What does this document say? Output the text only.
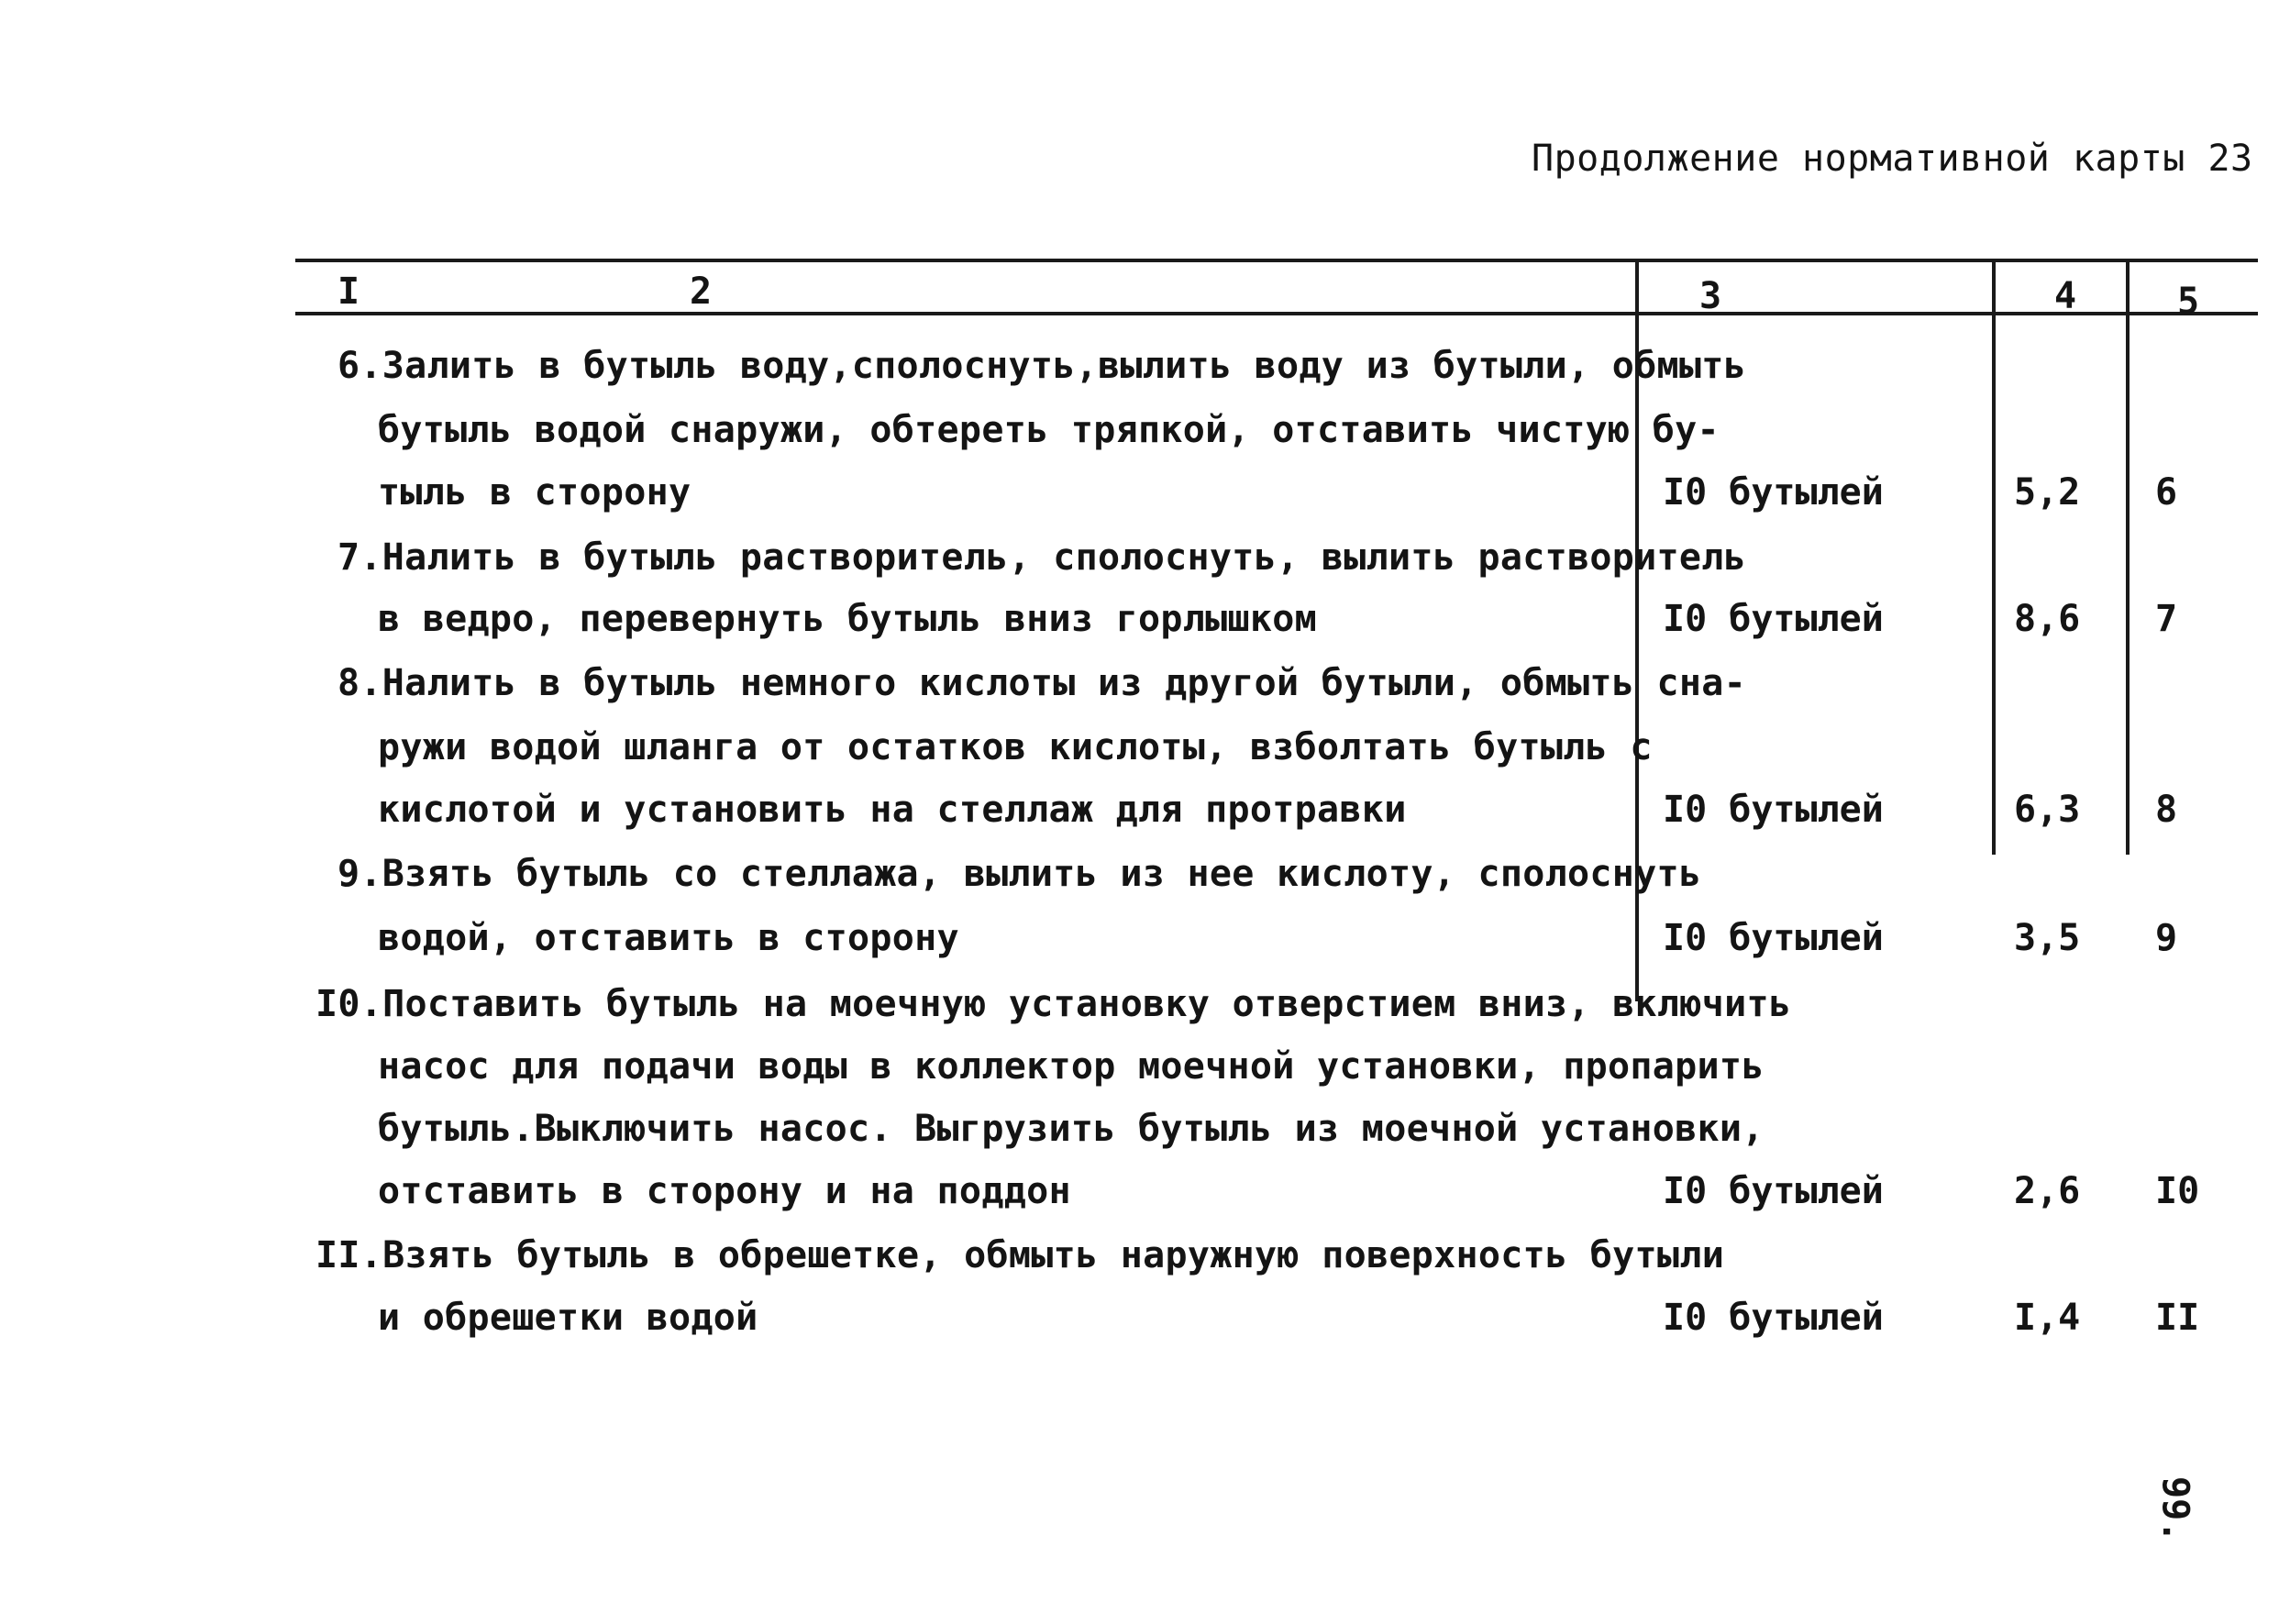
Продолжение нормативной карты 23
I	2	3	4	5
6.Залить в бутыль воду,сполоснуть,вылить воду из бутыли, обмыть
бутыль водой снаружи, обтереть тряпкой, отставить чистую бу-
тыль в сторону	I0 бутылей	5,2 6
7.Налить в бутыль растворитель, сполоснуть, вылить растворитель
в ведро, перевернуть бутыль вниз горлышком	I0 бутылей	8,6 7
8.Налить в бутыль немного кислоты из другой бутыли, обмыть сна-
ружи водой шланга от остатков кислоты, взболтать бутыль с
кислотой и установить на стеллаж для протравки	I0 бутылей	6,3 8
9.Взять бутыль со стеллажа, вылить из нее кислоту, сполоснуть
водой, отставить в сторону	I0 бутылей	3,5 9
I0.Поставить бутыль на моечную установку отверстием вниз, включить
насос для подачи воды в коллектор моечной установки, пропарить
бутыль.Выключить насос. Выгрузить бутыль из моечной установки,
отставить в сторону и на поддон	I0 бутылей	2,6 I0
II.Взять бутыль в обрешетке, обмыть наружную поверхность бутыли
и обрешетки водой	I0 бутылей	I,4 II
99.
